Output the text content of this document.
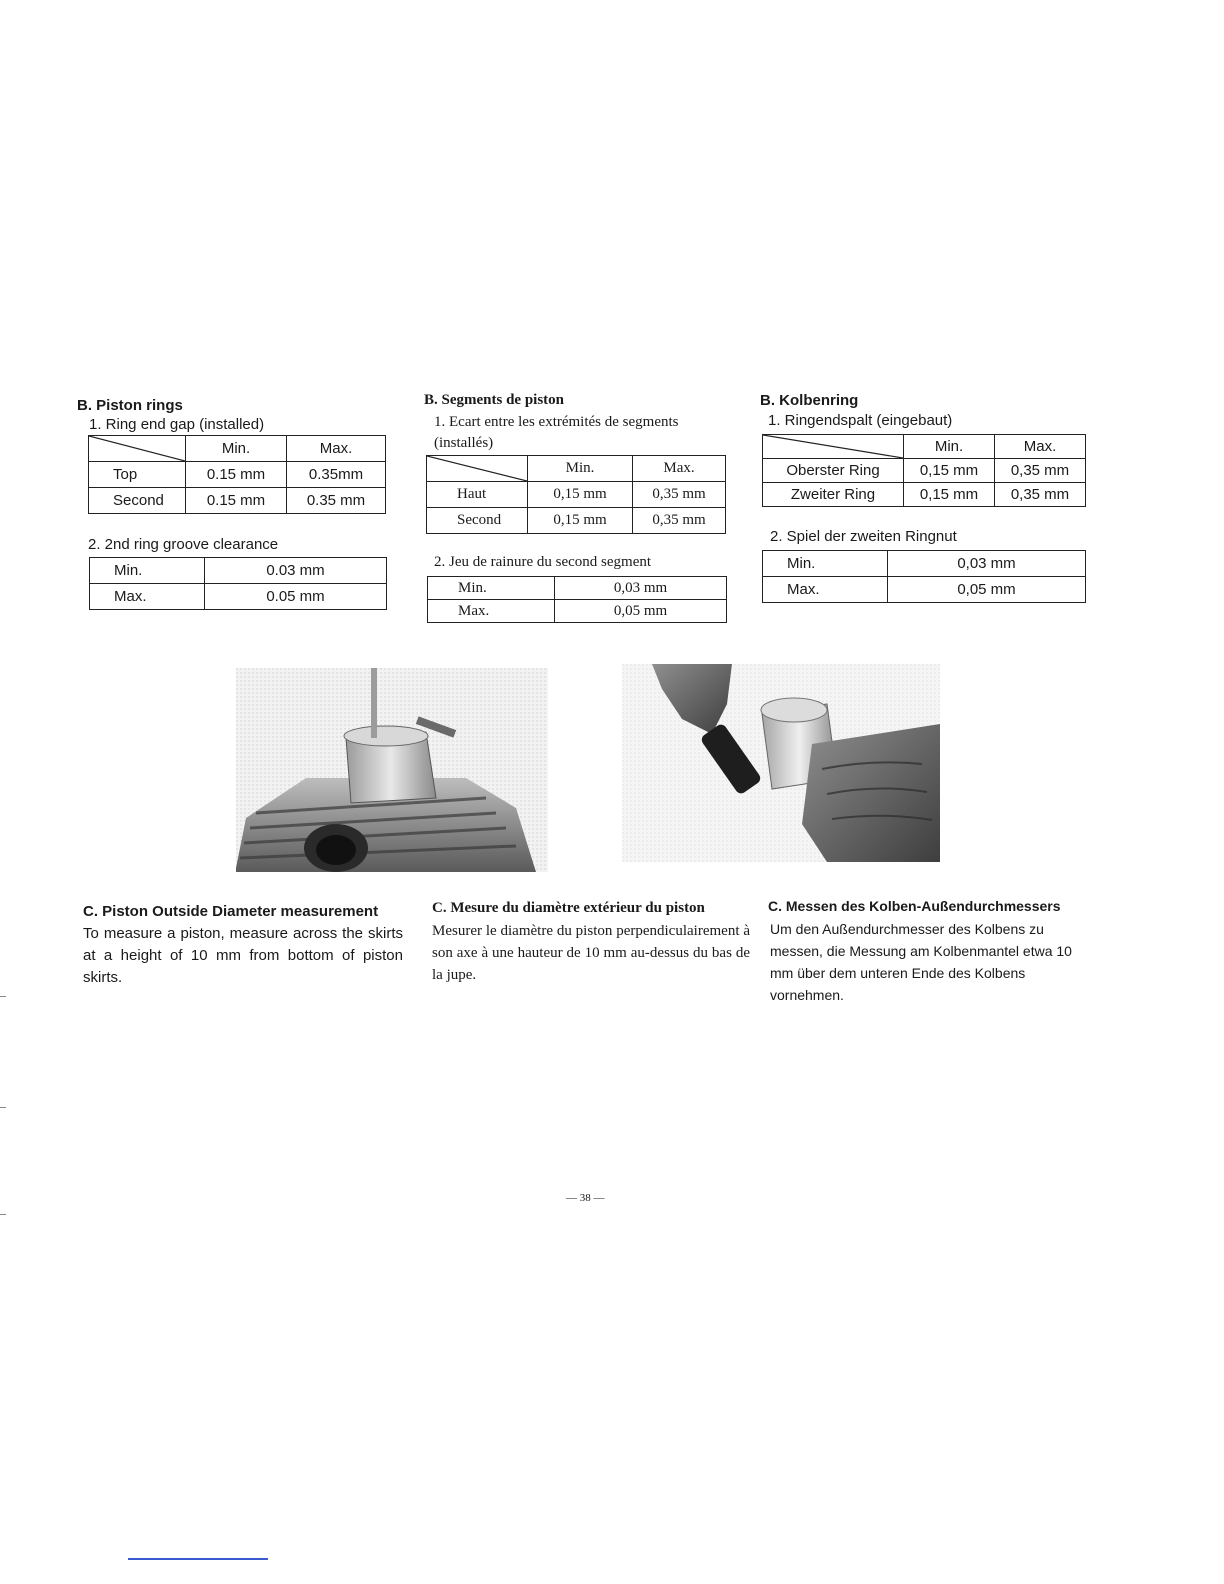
B. Piston rings
1. Ring end gap (installed)
	Min.	Max.
Top	0.15 mm	0.35mm
Second	0.15 mm	0.35 mm
2. 2nd ring groove clearance
Min.	0.03 mm
Max.	0.05 mm
B. Segments de piston
1. Ecart entre les extrémités de segments (installés)
	Min.	Max.
Haut	0,15 mm	0,35 mm
Second	0,15 mm	0,35 mm
2. Jeu de rainure du second segment
Min.	0,03 mm
Max.	0,05 mm
B. Kolbenring
1. Ringendspalt (eingebaut)
	Min.	Max.
Oberster Ring	0,15 mm	0,35 mm
Zweiter Ring	0,15 mm	0,35 mm
2. Spiel der zweiten Ringnut
Min.	0,03 mm
Max.	0,05 mm
C. Piston Outside Diameter measurement
To measure a piston, measure across the skirts at a height of 10 mm from bottom of piston skirts.
C. Mesure du diamètre extérieur du piston
Mesurer le diamètre du piston perpendiculairement à son axe à une hauteur de 10 mm au-dessus du bas de la jupe.
C. Messen des Kolben-Außendurchmessers
Um den Außendurchmesser des Kolbens zu messen, die Messung am Kolbenmantel etwa 10 mm über dem unteren Ende des Kolbens vornehmen.
— 38 —
